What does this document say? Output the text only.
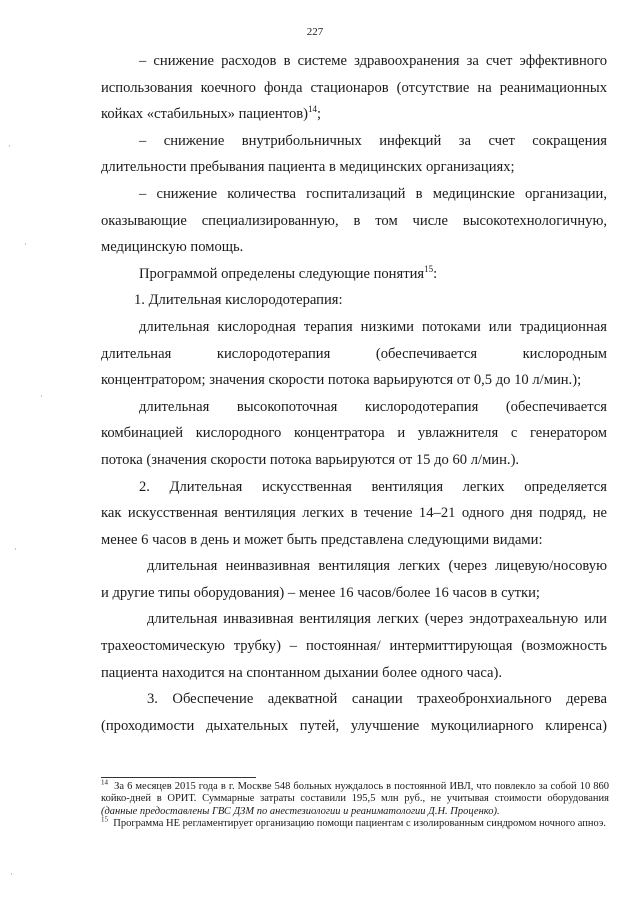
227

– снижение расходов в системе здравоохранения за счет эффективного
использования коечного фонда стационаров (отсутствие на реанимационных
койках «стабильных» пациентов)$^{14}$;

– снижение внутрибольничных инфекций за счет сокращения
длительности пребывания пациента в медицинских организациях;

– снижение количества госпитализаций в медицинские организации,
оказывающие специализированную, в том числе высокотехнологичную,
медицинскую помощь.

Программой определены следующие понятия$^{15}$:

1. Длительная кислородотерапия:

длительная кислородная терапия низкими потоками или традиционная
длительная кислородотерапия (обеспечивается кислородным
концентратором; значения скорости потока варьируются от 0,5 до 10 л/мин.);

длительная высокопоточная кислородотерапия (обеспечивается
комбинацией кислородного концентратора и увлажнителя с генератором
потока (значения скорости потока варьируются от 15 до 60 л/мин.).

2. Длительная искусственная вентиляция легких определяется
как искусственная вентиляция легких в течение 14–21 одного дня подряд, не
менее 6 часов в день и может быть представлена следующими видами:

длительная неинвазивная вентиляция легких (через лицевую/носовую
и другие типы оборудования) – менее 16 часов/более 16 часов в сутки;

длительная инвазивная вентиляция легких (через эндотрахеальную или
трахеостомическую трубку) – постоянная/ интермиттирующая (возможность
пациента находится на спонтанном дыхании более одного часа).

3. Обеспечение адекватной санации трахеобронхиального дерева
(проходимости дыхательных путей, улучшение мукоцилиарного клиренса)

$^{14}$ За 6 месяцев 2015 года в г. Москве 548 больных нуждалось в постоянной ИВЛ, что повлекло за собой 10 860 койко-дней в ОРИТ. Суммарные затраты составили 195,5 млн руб., не учитывая стоимости оборудования (данные предоставлены ГВС ДЗМ по анестезиологии и реаниматологии Д.Н. Проценко).

$^{15}$ Программа НЕ регламентирует организацию помощи пациентам с изолированным синдромом ночного апноэ.

·
·
·
·
·
